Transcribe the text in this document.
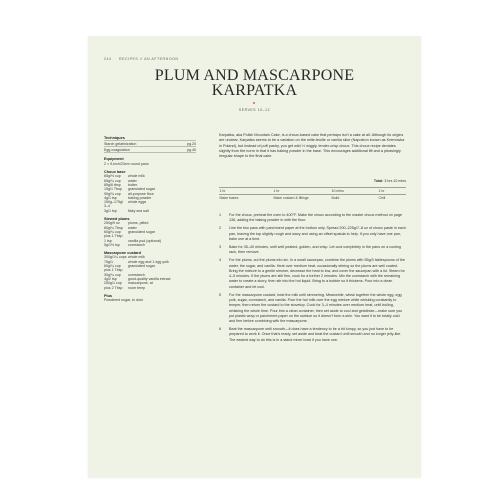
244 RECIPES // AN AFTERNOON
PLUM AND MASCARPONE
KARPATKA
SERVES 10–12
Techniques
Starch gelatinization	pg.20
Egg coagulation	pg.40
Equipment
2 × 9-inch/23cm round pans
Choux base
65g/½ cup	whole milk
65g/¼ cup	water
85g/6 tbsp	butter
15g/1 Tbsp	granulated sugar
90g/¾ cup	all-purpose flour
4g/1 tsp	baking powder
150g–175g/	whole eggs
3–4
3g/1 tsp	flaky sea salt
Stewed plums
250g/9 oz	plums, pitted
60g/¼ Tbsp	water
60g/¼ cup	granulated sugar
plus 1 Tbsp
1 tsp	vanilla pod (optional)
5g/1½ tsp	cornstarch
Mascarpone custard
300g/1¼ cups whole milk
75g/1	whole egg and 1 egg yolk
60g/¼ cup	granulated sugar
plus 1 Tbsp
30g/¼ cup	cornstarch
4g/2 tsp	good-quality vanilla extract
250g/1 cup	mascarpone, at
plus 2 Tbsp	room temp
Plus
Powdered sugar, to dust

Karpatka, aka Polish Mountain Cake, is a choux-based cake that perhaps isn’t a cake at all. Although its origins are unclear, Karpatka seems to be a variation on the mille-feuille or vanilla slice (Napoleon known as Kremówka in Poland), but instead of puff pastry, you get wild ‘n’ wiggly, tender-crisp choux. This choux recipe deviates slightly from the norm in that it has baking powder in the base. This encourages additional lift and a pleasingly irregular shape to the final cake.

Total: 3 hrs 10 mins
1 hr	1 hr	10 mins	1 hr
Make bases	Make custard & fillings	Build	Chill
1	For the choux, preheat the oven to 400°F. Make the choux according to the master choux method on page 136, adding the baking powder in with the flour.
2	Line the two pans with parchment paper at the bottom only. Spread 200–225g/7–8 oz of choux paste in each pan, leaving the top slightly rough and wavy and using an offset spatula to help. If you only have one pan, bake one at a time.
3	Bake for 35–40 minutes, until well peaked, golden, and crisp. Let cool completely in the pans on a cooling rack, then remove.
4	For the plums, cut the plums into six. In a small saucepan, combine the plums with 55g/3 tablespoons of the water, the sugar, and vanilla. Heat over medium heat, occasionally stirring so the plums are well coated. Bring the mixture to a gentle simmer, decrease the heat to low, and cover the saucepan with a lid. Steam for 4–5 minutes. If the plums are still firm, cook for a further 2 minutes. Mix the cornstarch with the remaining water to create a slurry, then stir into the hot liquid. Bring to a bubble so it thickens. Pour into a clean container and let cool.
5	For the mascarpone custard, heat the milk until simmering. Meanwhile, whisk together the whole egg, egg yolk, sugar, cornstarch, and vanilla. Pour the hot milk over the egg mixture while whisking constantly to temper, then return the custard to the stovetop. Cook for 3–4 minutes over medium heat, until boiling, whisking the whole time. Pour into a clean container, then set aside to cool and gelatinize—make sure you put plastic wrap or parchment paper on the surface so it doesn’t form a skin. You want it to be totally cold and firm before combining with the mascarpone.
6	Beat the mascarpone until smooth—it does have a tendency to be a bit lumpy, so you just have to be prepared to work it. Once that’s ready, set aside and beat the custard until smooth and no longer jelly-like. The easiest way to do this is in a stand mixer bowl if you have one.
